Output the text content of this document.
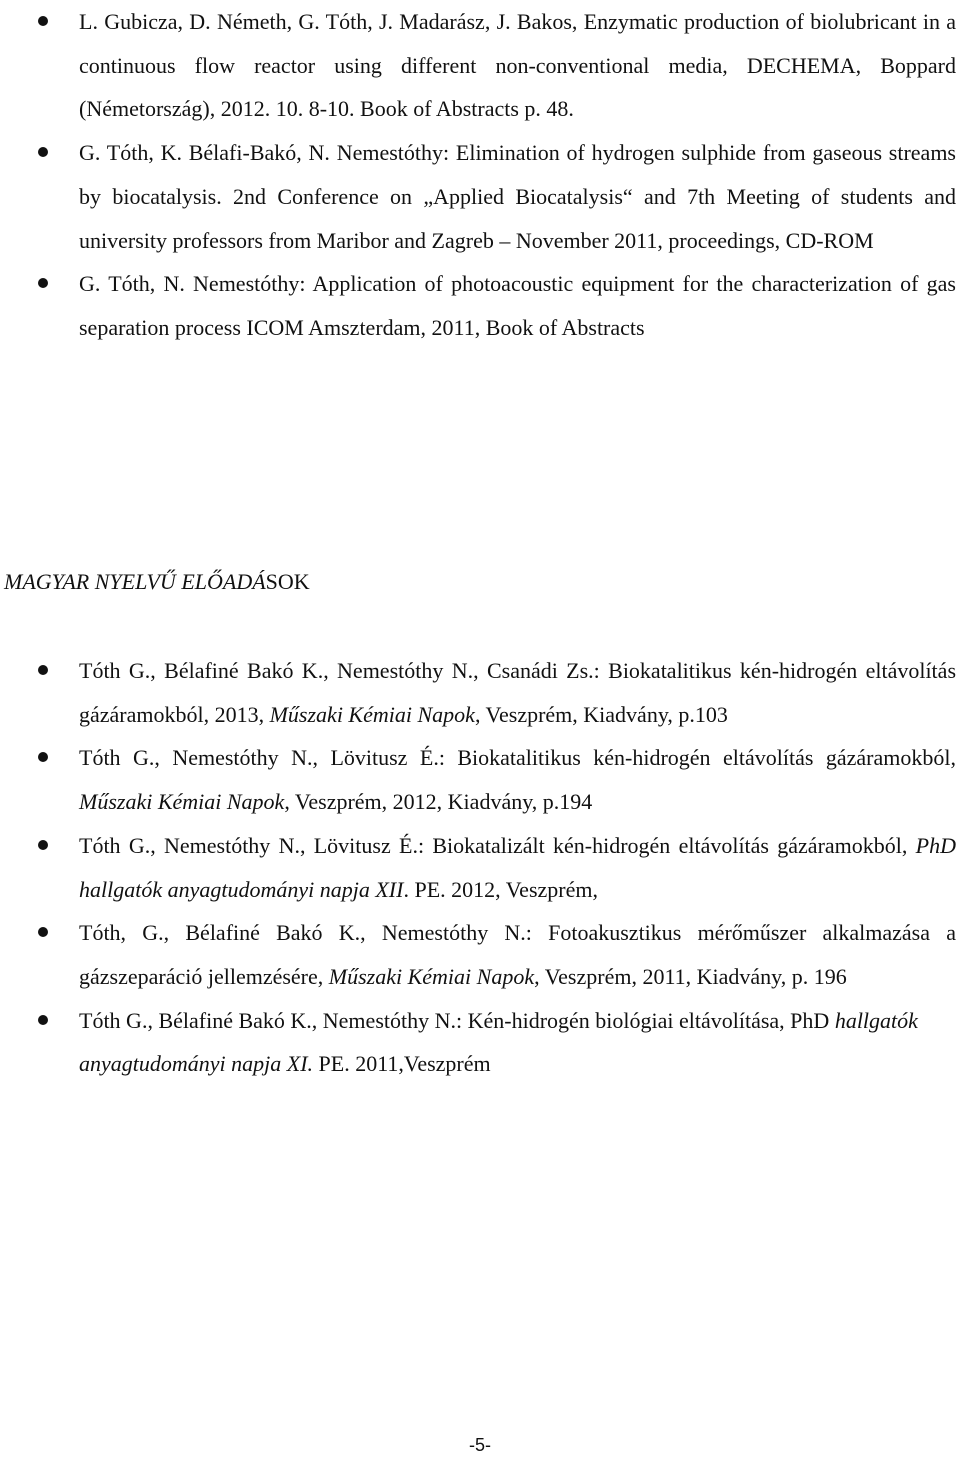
L. Gubicza, D. Németh, G. Tóth, J. Madarász, J. Bakos, Enzymatic production of biolubricant in a continuous flow reactor using different non-conventional media, DECHEMA, Boppard (Németország), 2012. 10. 8-10. Book of Abstracts p. 48.
G. Tóth, K. Bélafi-Bakó, N. Nemestóthy: Elimination of hydrogen sulphide from gaseous streams by biocatalysis. 2nd Conference on „Applied Biocatalysis“ and 7th Meeting of students and university professors from Maribor and Zagreb – November 2011, proceedings, CD-ROM
G. Tóth, N. Nemestóthy: Application of photoacoustic equipment for the characterization of gas separation process ICOM Amszterdam, 2011, Book of Abstracts
MAGYAR NYELVŰ ELŐADÁSOK
Tóth G., Bélafiné Bakó K., Nemestóthy N., Csanádi Zs.: Biokatalitikus kén-hidrogén eltávolítás gázáramokból, 2013, Műszaki Kémiai Napok, Veszprém, Kiadvány, p.103
Tóth G., Nemestóthy N., Lövitusz É.: Biokatalitikus kén-hidrogén eltávolítás gázáramokból, Műszaki Kémiai Napok, Veszprém, 2012, Kiadvány, p.194
Tóth G., Nemestóthy N., Lövitusz É.: Biokatalizált kén-hidrogén eltávolítás gázáramokból, PhD hallgatók anyagtudományi napja XII. PE. 2012, Veszprém,
Tóth, G., Bélafiné Bakó K., Nemestóthy N.: Fotoakusztikus mérőműszer alkalmazása a gázszeparáció jellemzésére, Műszaki Kémiai Napok, Veszprém, 2011, Kiadvány, p. 196
Tóth G., Bélafiné Bakó K., Nemestóthy N.: Kén-hidrogén biológiai eltávolítása, PhD hallgatók anyagtudományi napja XI. PE. 2011,Veszprém
-5-
